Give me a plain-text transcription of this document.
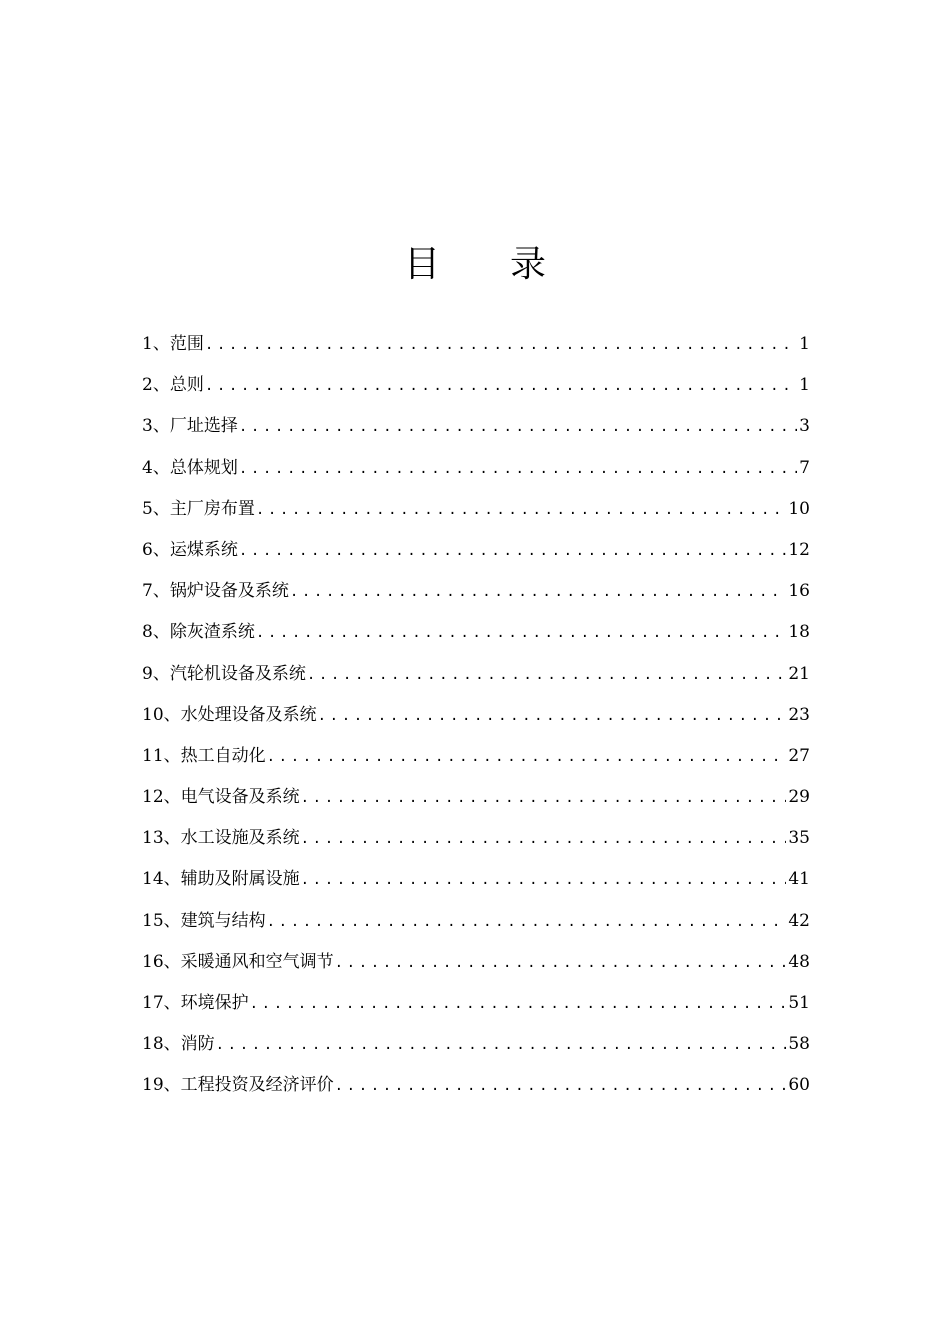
目 录
1、范围 .....	1
2、总则 .....	1
3、厂址选择 .....	3
4、总体规划 .....	7
5、主厂房布置 .....	10
6、运煤系统 .....	12
7、锅炉设备及系统 .....	16
8、除灰渣系统 .....	18
9、汽轮机设备及系统 .....	21
10、水处理设备及系统 .....	23
11、热工自动化 .....	27
12、电气设备及系统 .....	29
13、水工设施及系统 .....	35
14、辅助及附属设施 .....	41
15、建筑与结构 .....	42
16、采暖通风和空气调节 .....	48
17、环境保护 .....	51
18、消防 .....	58
19、工程投资及经济评价 .....	60
